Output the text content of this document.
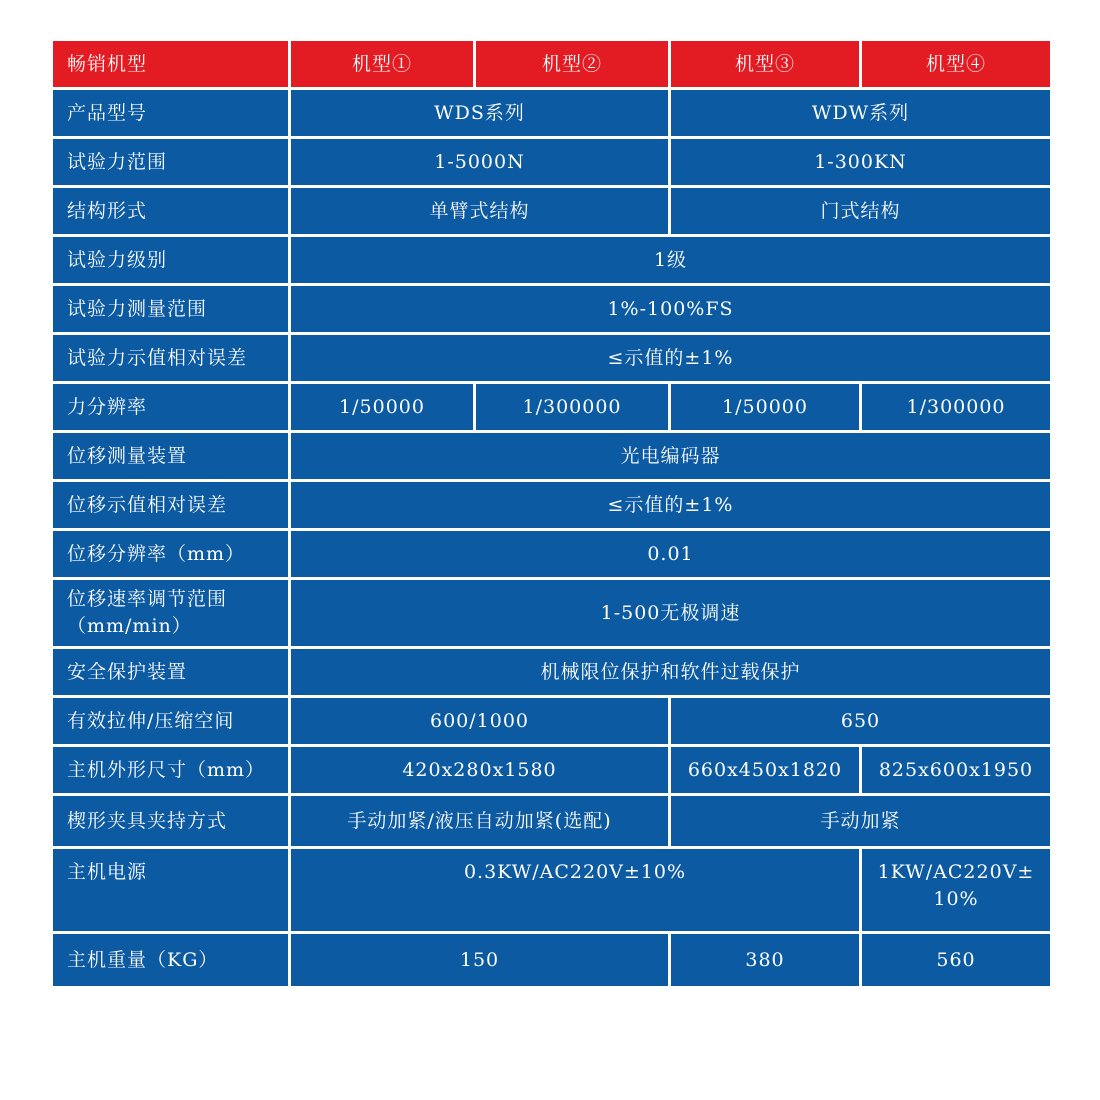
畅销机型	机型①	机型②	机型③	机型④
产品型号	WDS系列		WDW系列	
试验力范围	1-5000N		1-300KN	
结构形式	单臂式结构		门式结构	
试验力级别	1级			
试验力测量范围	1%-100%FS			
试验力示值相对误差	≤示值的±1%			
力分辨率	1/50000	1/300000	1/50000	1/300000
位移测量装置	光电编码器			
位移示值相对误差	≤示值的±1%			
位移分辨率（mm）	0.01			

位移速率调节范围
（mm/min）	1-500无极调速			
安全保护装置	机械限位保护和软件过载保护			
有效拉伸/压缩空间	600/1000		650	
主机外形尺寸（mm）	420x280x1580		660x450x1820	825x600x1950
楔形夹具夹持方式	手动加紧/液压自动加紧(选配)		手动加紧	
主机电源	0.3KW/AC220V±10%			1KW/AC220V±
10%

主机重量（KG）	150		380	560
